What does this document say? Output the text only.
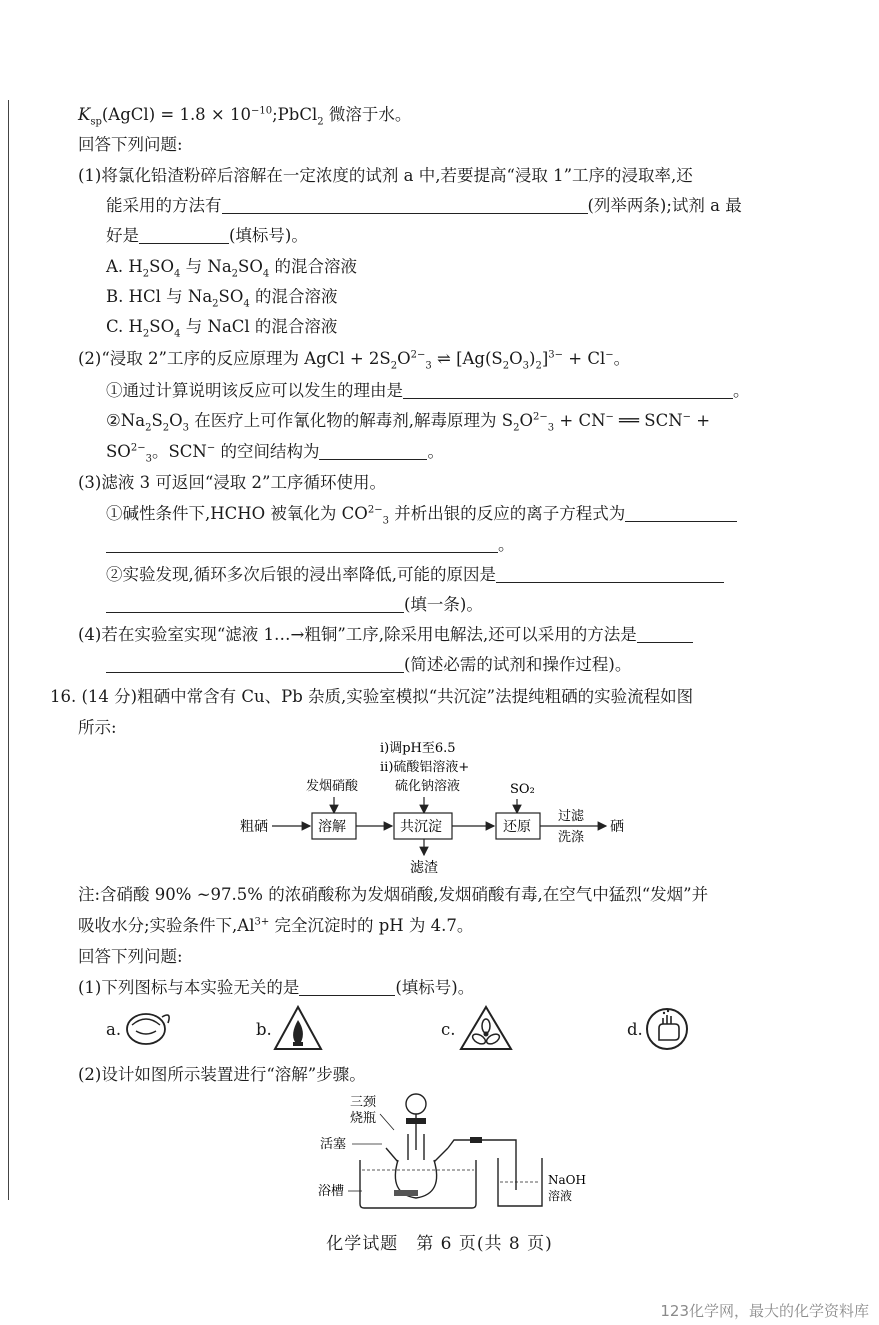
$K_{sp}(AgCl) = 1.8$ × $10^{-10};PbCl_2$ 微溶于水。
回答下列问题:
(1)将氯化铅渣粉碎后溶解在一定浓度的试剂 a 中,若要提高“浸取 1”工序的浸取率,还
能采用的方法有	(列举两条);试剂 a 最
好是	(填标号)。
A. $H_2SO_4$ 与 $Na_2SO_4$ 的混合溶液
B. HCl 与 $Na_2SO_4$ 的混合溶液
C. $H_2SO_4$ 与 NaCl 的混合溶液
(2)“浸取 2”工序的反应原理为 AgCl + $2S_2O^{2-}_3$ ⇌ $[Ag(S_2O_3)_2]^{3-} + Cl^-$。
①通过计算说明该反应可以发生的理由是	。
$②Na_2S_2O_3$ 在医疗上可作氰化物的解毒剂,解毒原理为 $S_2O^{2-}_3 + CN^-$ ══ SCN− +
$SO^{2-}_3$。SCN− 的空间结构为	。
(3)滤液 3 可返回“浸取 2”工序循环使用。
①碱性条件下,HCHO 被氧化为 $CO^{2-}_3$ 并析出银的反应的离子方程式为
。
②实验发现,循环多次后银的浸出率降低,可能的原因是
(填一条)。
(4)若在实验室实现“滤液 1…→粗铜”工序,除采用电解法,还可以采用的方法是
(简述必需的试剂和操作过程)。
16. (14 分)粗硒中常含有 Cu、Pb 杂质,实验室模拟“共沉淀”法提纯粗硒的实验流程如图
所示:
ⅰ)调pH至6.5
ⅱ)硫酸铝溶液+
硫化钠溶液
发烟硝酸	SO₂
粗硒	溶解	共沉淀
滤渣
还原
过滤
洗涤
硒
注:含硝酸 90% ~97.5% 的浓硝酸称为发烟硝酸,发烟硝酸有毒,在空气中猛烈“发烟”并
吸收水分;实验条件下$,Al^{3+}$ 完全沉淀时的 pH 为 4.7。
回答下列问题:
(1)下列图标与本实验无关的是	(填标号)。
a.	b.	c.	d.
(2)设计如图所示装置进行“溶解”步骤。
三颈
烧瓶
活塞
浴槽
NaOH
溶液
化学试题　第 6 页(共 8 页)
123化学网，最大的化学资料库
